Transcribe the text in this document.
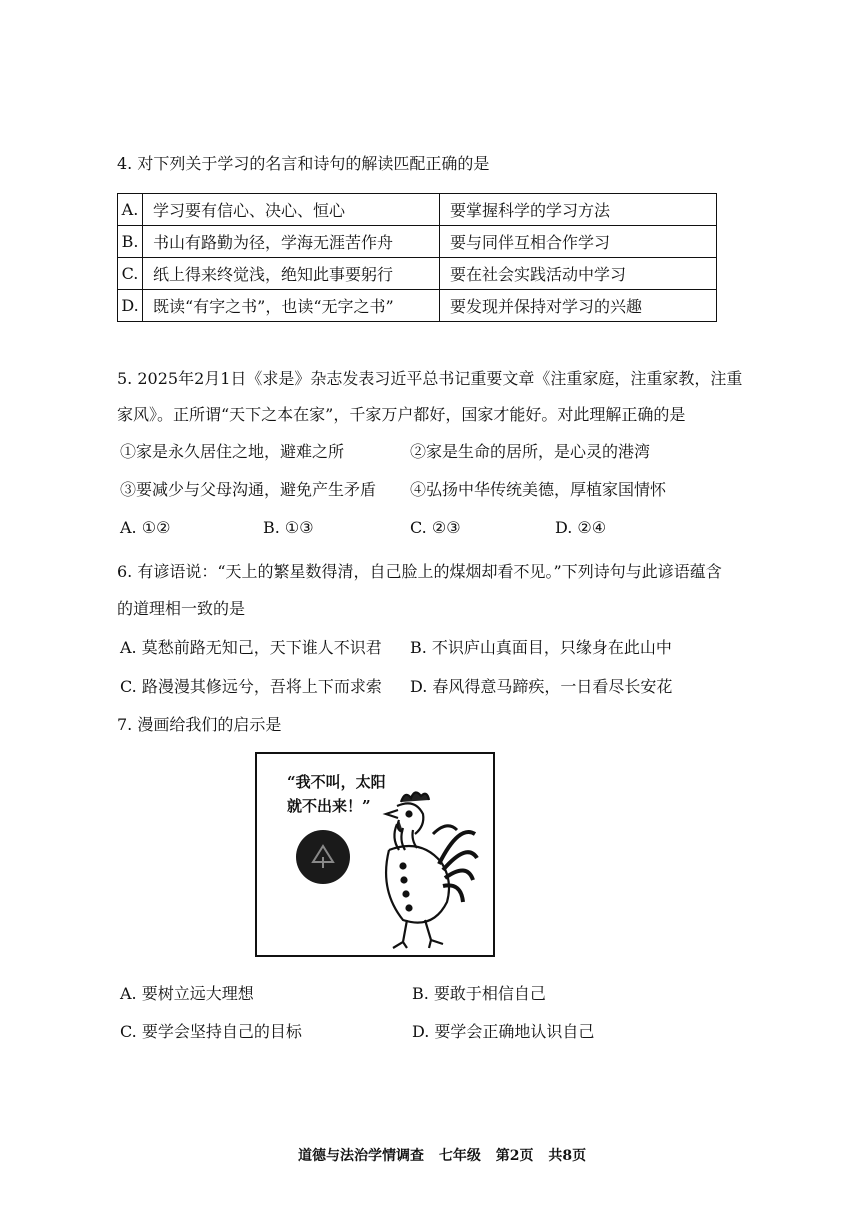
4. 对下列关于学习的名言和诗句的解读匹配正确的是
A.	学习要有信心、决心、恒心	要掌握科学的学习方法
B.	书山有路勤为径，学海无涯苦作舟	要与同伴互相合作学习
C.	纸上得来终觉浅，绝知此事要躬行	要在社会实践活动中学习
D.	既读“有字之书”，也读“无字之书”	要发现并保持对学习的兴趣
5. 2025年2月1日《求是》杂志发表习近平总书记重要文章《注重家庭，注重家教，注重
家风》。正所谓“天下之本在家”，千家万户都好，国家才能好。对此理解正确的是
①家是永久居住之地，避难之所	②家是生命的居所，是心灵的港湾
③要减少与父母沟通，避免产生矛盾 ④弘扬中华传统美德，厚植家国情怀
A. ①②	B. ①③	C. ②③	D. ②④
6. 有谚语说：“天上的繁星数得清，自己脸上的煤烟却看不见。”下列诗句与此谚语蕴含
的道理相一致的是
A. 莫愁前路无知己，天下谁人不识君 B. 不识庐山真面目，只缘身在此山中
C. 路漫漫其修远兮，吾将上下而求索 D. 春风得意马蹄疾，一日看尽长安花
7. 漫画给我们的启示是
“我不叫，太阳
就不出来！”
A. 要树立远大理想	B. 要敢于相信自己
C. 要学会坚持自己的目标	D. 要学会正确地认识自己
道德与法治学情调查 七年级 第2页 共8页
